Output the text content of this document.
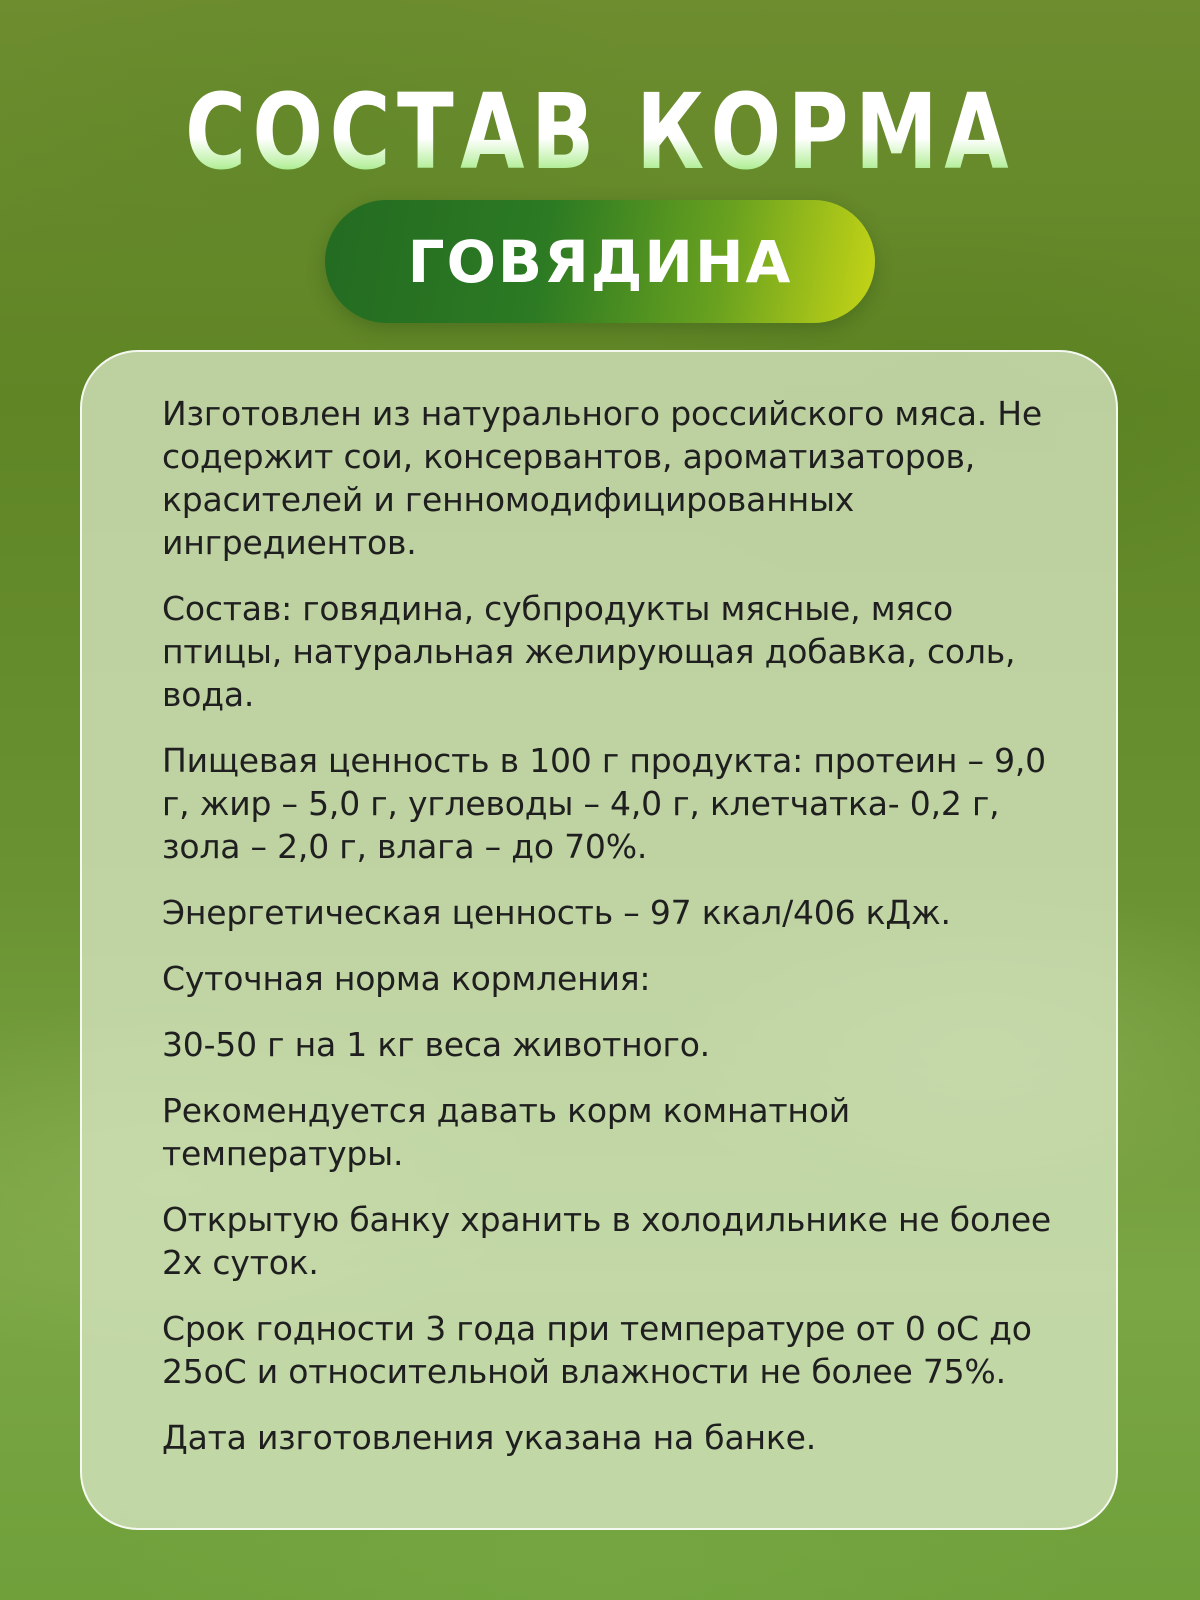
СОСТАВ КОРМА
ГОВЯДИНА

Изготовлен из натурального российского мяса. Не содержит сои, консервантов, ароматизаторов, красителей и генномодифицированных ингредиентов.

Состав: говядина, субпродукты мясные, мясо птицы, натуральная желирующая добавка, соль, вода.

Пищевая ценность в 100 г продукта: протеин – 9,0 г, жир – 5,0 г, углеводы – 4,0 г, клетчатка- 0,2 г, зола – 2,0 г, влага – до 70%.

Энергетическая ценность – 97 ккал/406 кДж.

Суточная норма кормления:

30-50 г на 1 кг веса животного.

Рекомендуется давать корм комнатной температуры.

Открытую банку хранить в холодильнике не более 2х суток.

Срок годности 3 года при температуре от 0 оС до 25оС и относительной влажности не более 75%.

Дата изготовления указана на банке.
